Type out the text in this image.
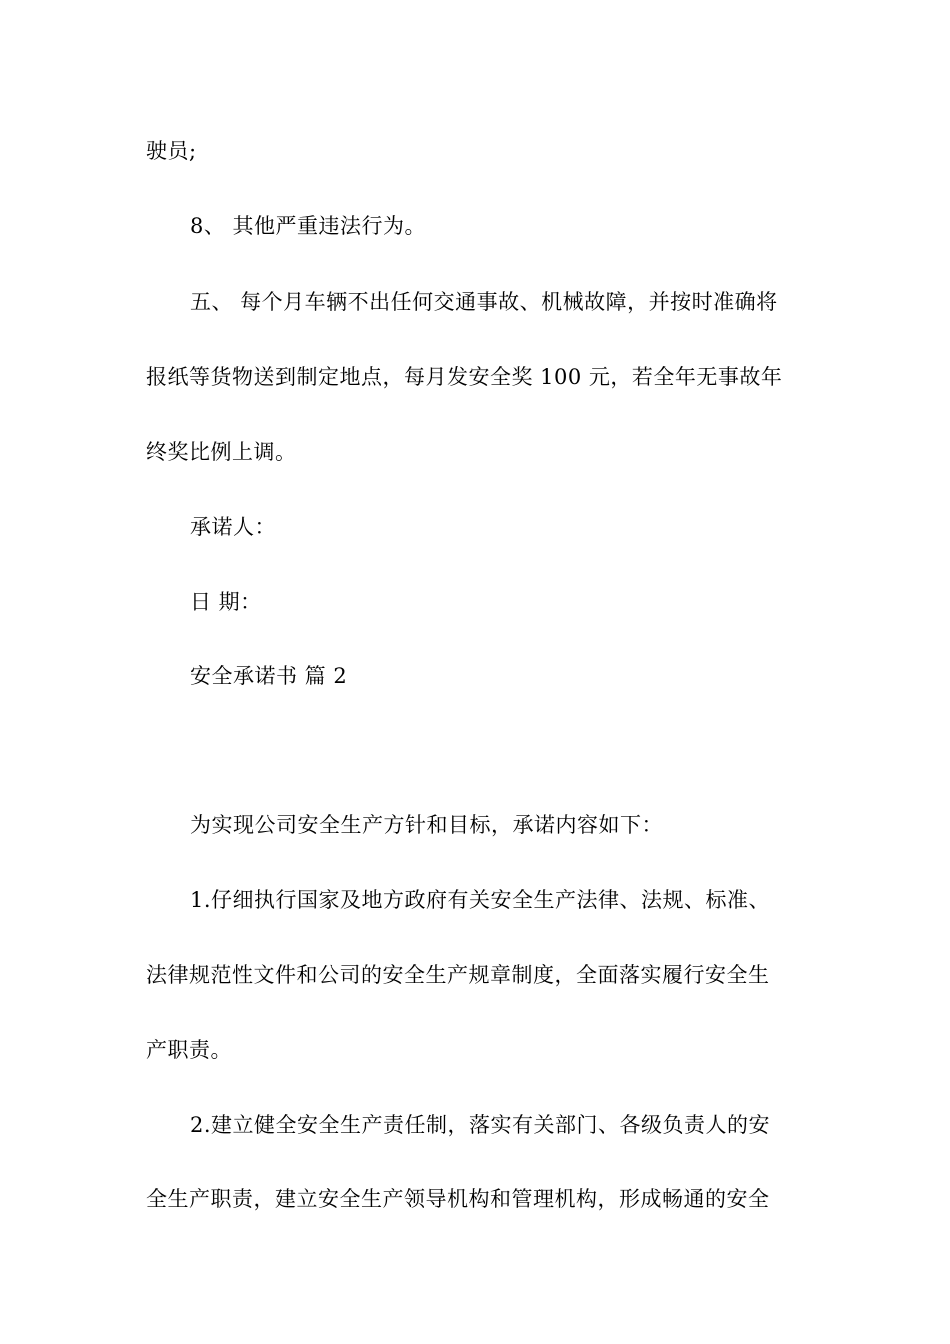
驶员;
8、 其他严重违法行为。
五、 每个月车辆不出任何交通事故、机械故障，并按时准确将
报纸等货物送到制定地点，每月发安全奖 100 元，若全年无事故年
终奖比例上调。
承诺人：
日 期：
安全承诺书 篇 2
为实现公司安全生产方针和目标，承诺内容如下：
1.仔细执行国家及地方政府有关安全生产法律、法规、标准、
法律规范性文件和公司的安全生产规章制度，全面落实履行安全生
产职责。
2.建立健全安全生产责任制，落实有关部门、各级负责人的安
全生产职责，建立安全生产领导机构和管理机构，形成畅通的安全
